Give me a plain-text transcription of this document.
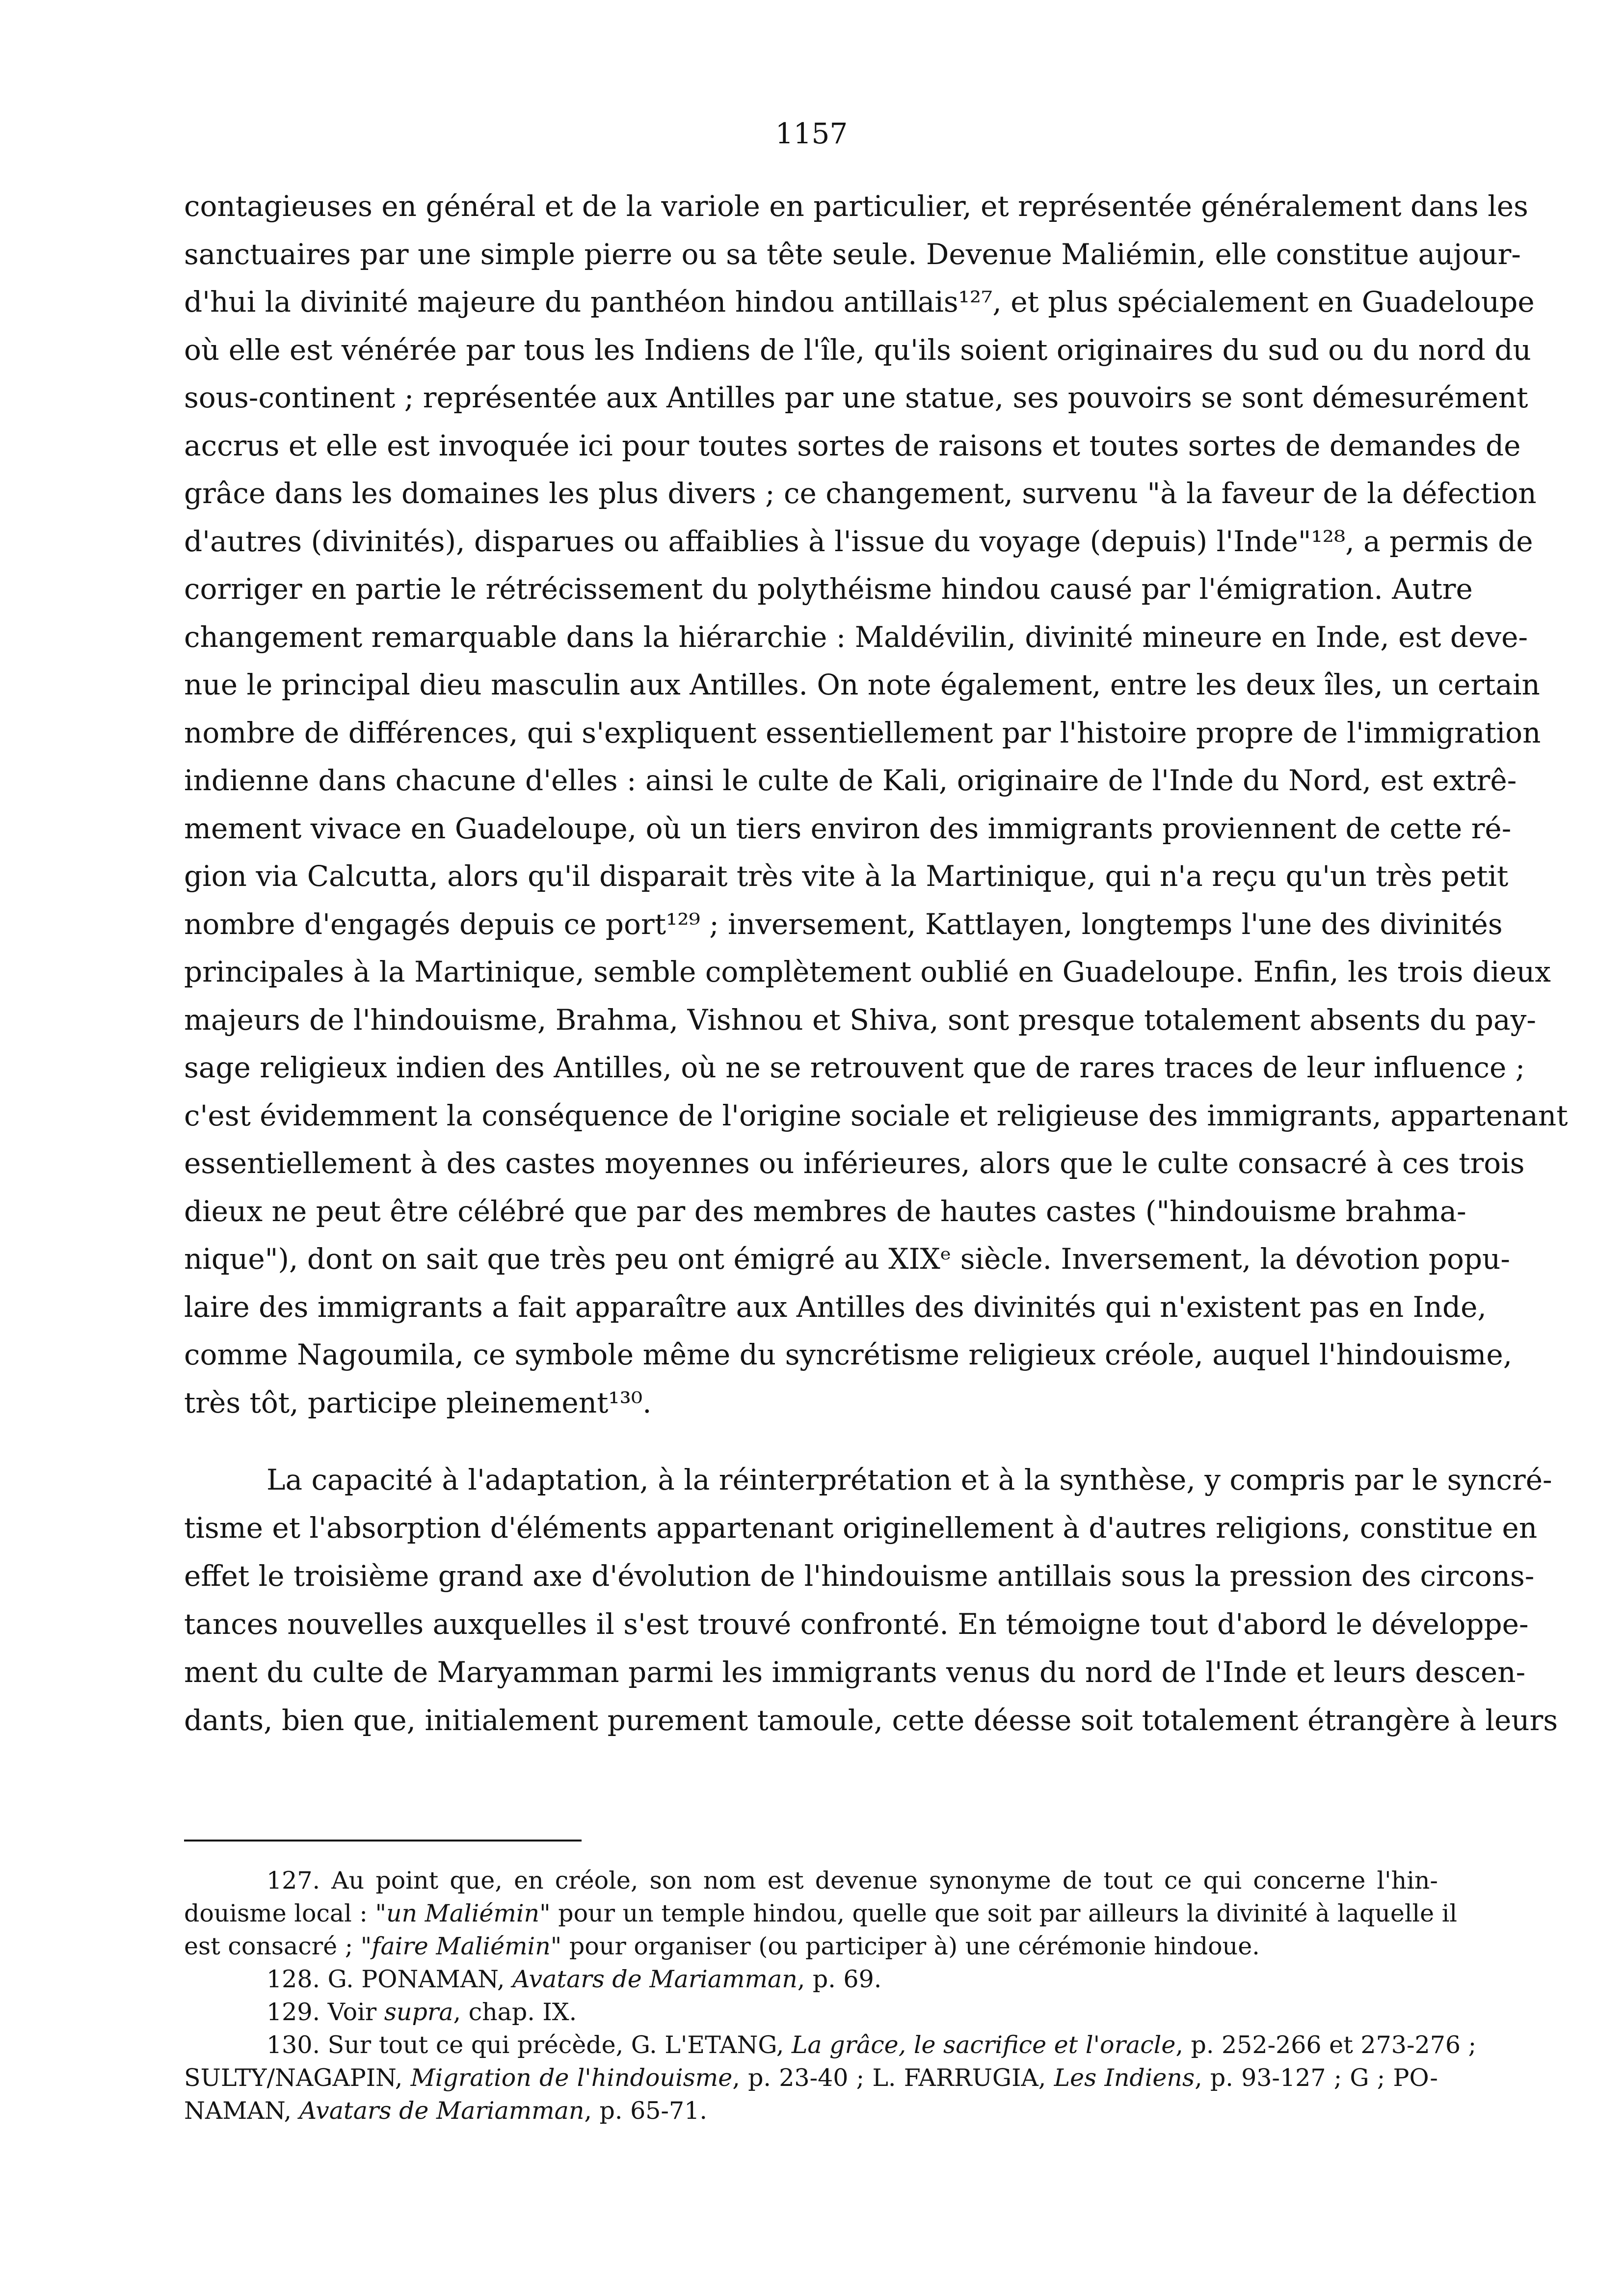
1157
contagieuses en général et de la variole en particulier, et représentée généralement dans les
sanctuaires par une simple pierre ou sa tête seule. Devenue Maliémin, elle constitue aujour-
d'hui la divinité majeure du panthéon hindou antillais¹²⁷, et plus spécialement en Guadeloupe
où elle est vénérée par tous les Indiens de l'île, qu'ils soient originaires du sud ou du nord du
sous-continent ; représentée aux Antilles par une statue, ses pouvoirs se sont démesurément
accrus et elle est invoquée ici pour toutes sortes de raisons et toutes sortes de demandes de
grâce dans les domaines les plus divers ; ce changement, survenu "à la faveur de la défection
d'autres (divinités), disparues ou affaiblies à l'issue du voyage (depuis) l'Inde"¹²⁸, a permis de
corriger en partie le rétrécissement du polythéisme hindou causé par l'émigration. Autre
changement remarquable dans la hiérarchie : Maldévilin, divinité mineure en Inde, est deve-
nue le principal dieu masculin aux Antilles. On note également, entre les deux îles, un certain
nombre de différences, qui s'expliquent essentiellement par l'histoire propre de l'immigration
indienne dans chacune d'elles : ainsi le culte de Kali, originaire de l'Inde du Nord, est extrê-
mement vivace en Guadeloupe, où un tiers environ des immigrants proviennent de cette ré-
gion via Calcutta, alors qu'il disparait très vite à la Martinique, qui n'a reçu qu'un très petit
nombre d'engagés depuis ce port¹²⁹ ; inversement, Kattlayen, longtemps l'une des divinités
principales à la Martinique, semble complètement oublié en Guadeloupe. Enfin, les trois dieux
majeurs de l'hindouisme, Brahma, Vishnou et Shiva, sont presque totalement absents du pay-
sage religieux indien des Antilles, où ne se retrouvent que de rares traces de leur influence ;
c'est évidemment la conséquence de l'origine sociale et religieuse des immigrants, appartenant
essentiellement à des castes moyennes ou inférieures, alors que le culte consacré à ces trois
dieux ne peut être célébré que par des membres de hautes castes ("hindouisme brahma-
nique"), dont on sait que très peu ont émigré au XIXᵉ siècle. Inversement, la dévotion popu-
laire des immigrants a fait apparaître aux Antilles des divinités qui n'existent pas en Inde,
comme Nagoumila, ce symbole même du syncrétisme religieux créole, auquel l'hindouisme,
très tôt, participe pleinement¹³⁰.
La capacité à l'adaptation, à la réinterprétation et à la synthèse, y compris par le syncré-
tisme et l'absorption d'éléments appartenant originellement à d'autres religions, constitue en
effet le troisième grand axe d'évolution de l'hindouisme antillais sous la pression des circons-
tances nouvelles auxquelles il s'est trouvé confronté. En témoigne tout d'abord le développe-
ment du culte de Maryamman parmi les immigrants venus du nord de l'Inde et leurs descen-
dants, bien que, initialement purement tamoule, cette déesse soit totalement étrangère à leurs
127. Au point que, en créole, son nom est devenue synonyme de tout ce qui concerne l'hin-
douisme local : "un Maliémin" pour un temple hindou, quelle que soit par ailleurs la divinité à laquelle il
est consacré ; "faire Maliémin" pour organiser (ou participer à) une cérémonie hindoue.
128. G. PONAMAN, Avatars de Mariamman, p. 69.
129. Voir supra, chap. IX.
130. Sur tout ce qui précède, G. L'ETANG, La grâce, le sacrifice et l'oracle, p. 252-266 et 273-276 ;
SULTY/NAGAPIN, Migration de l'hindouisme, p. 23-40 ; L. FARRUGIA, Les Indiens, p. 93-127 ; G ; PO-
NAMAN, Avatars de Mariamman, p. 65-71.
